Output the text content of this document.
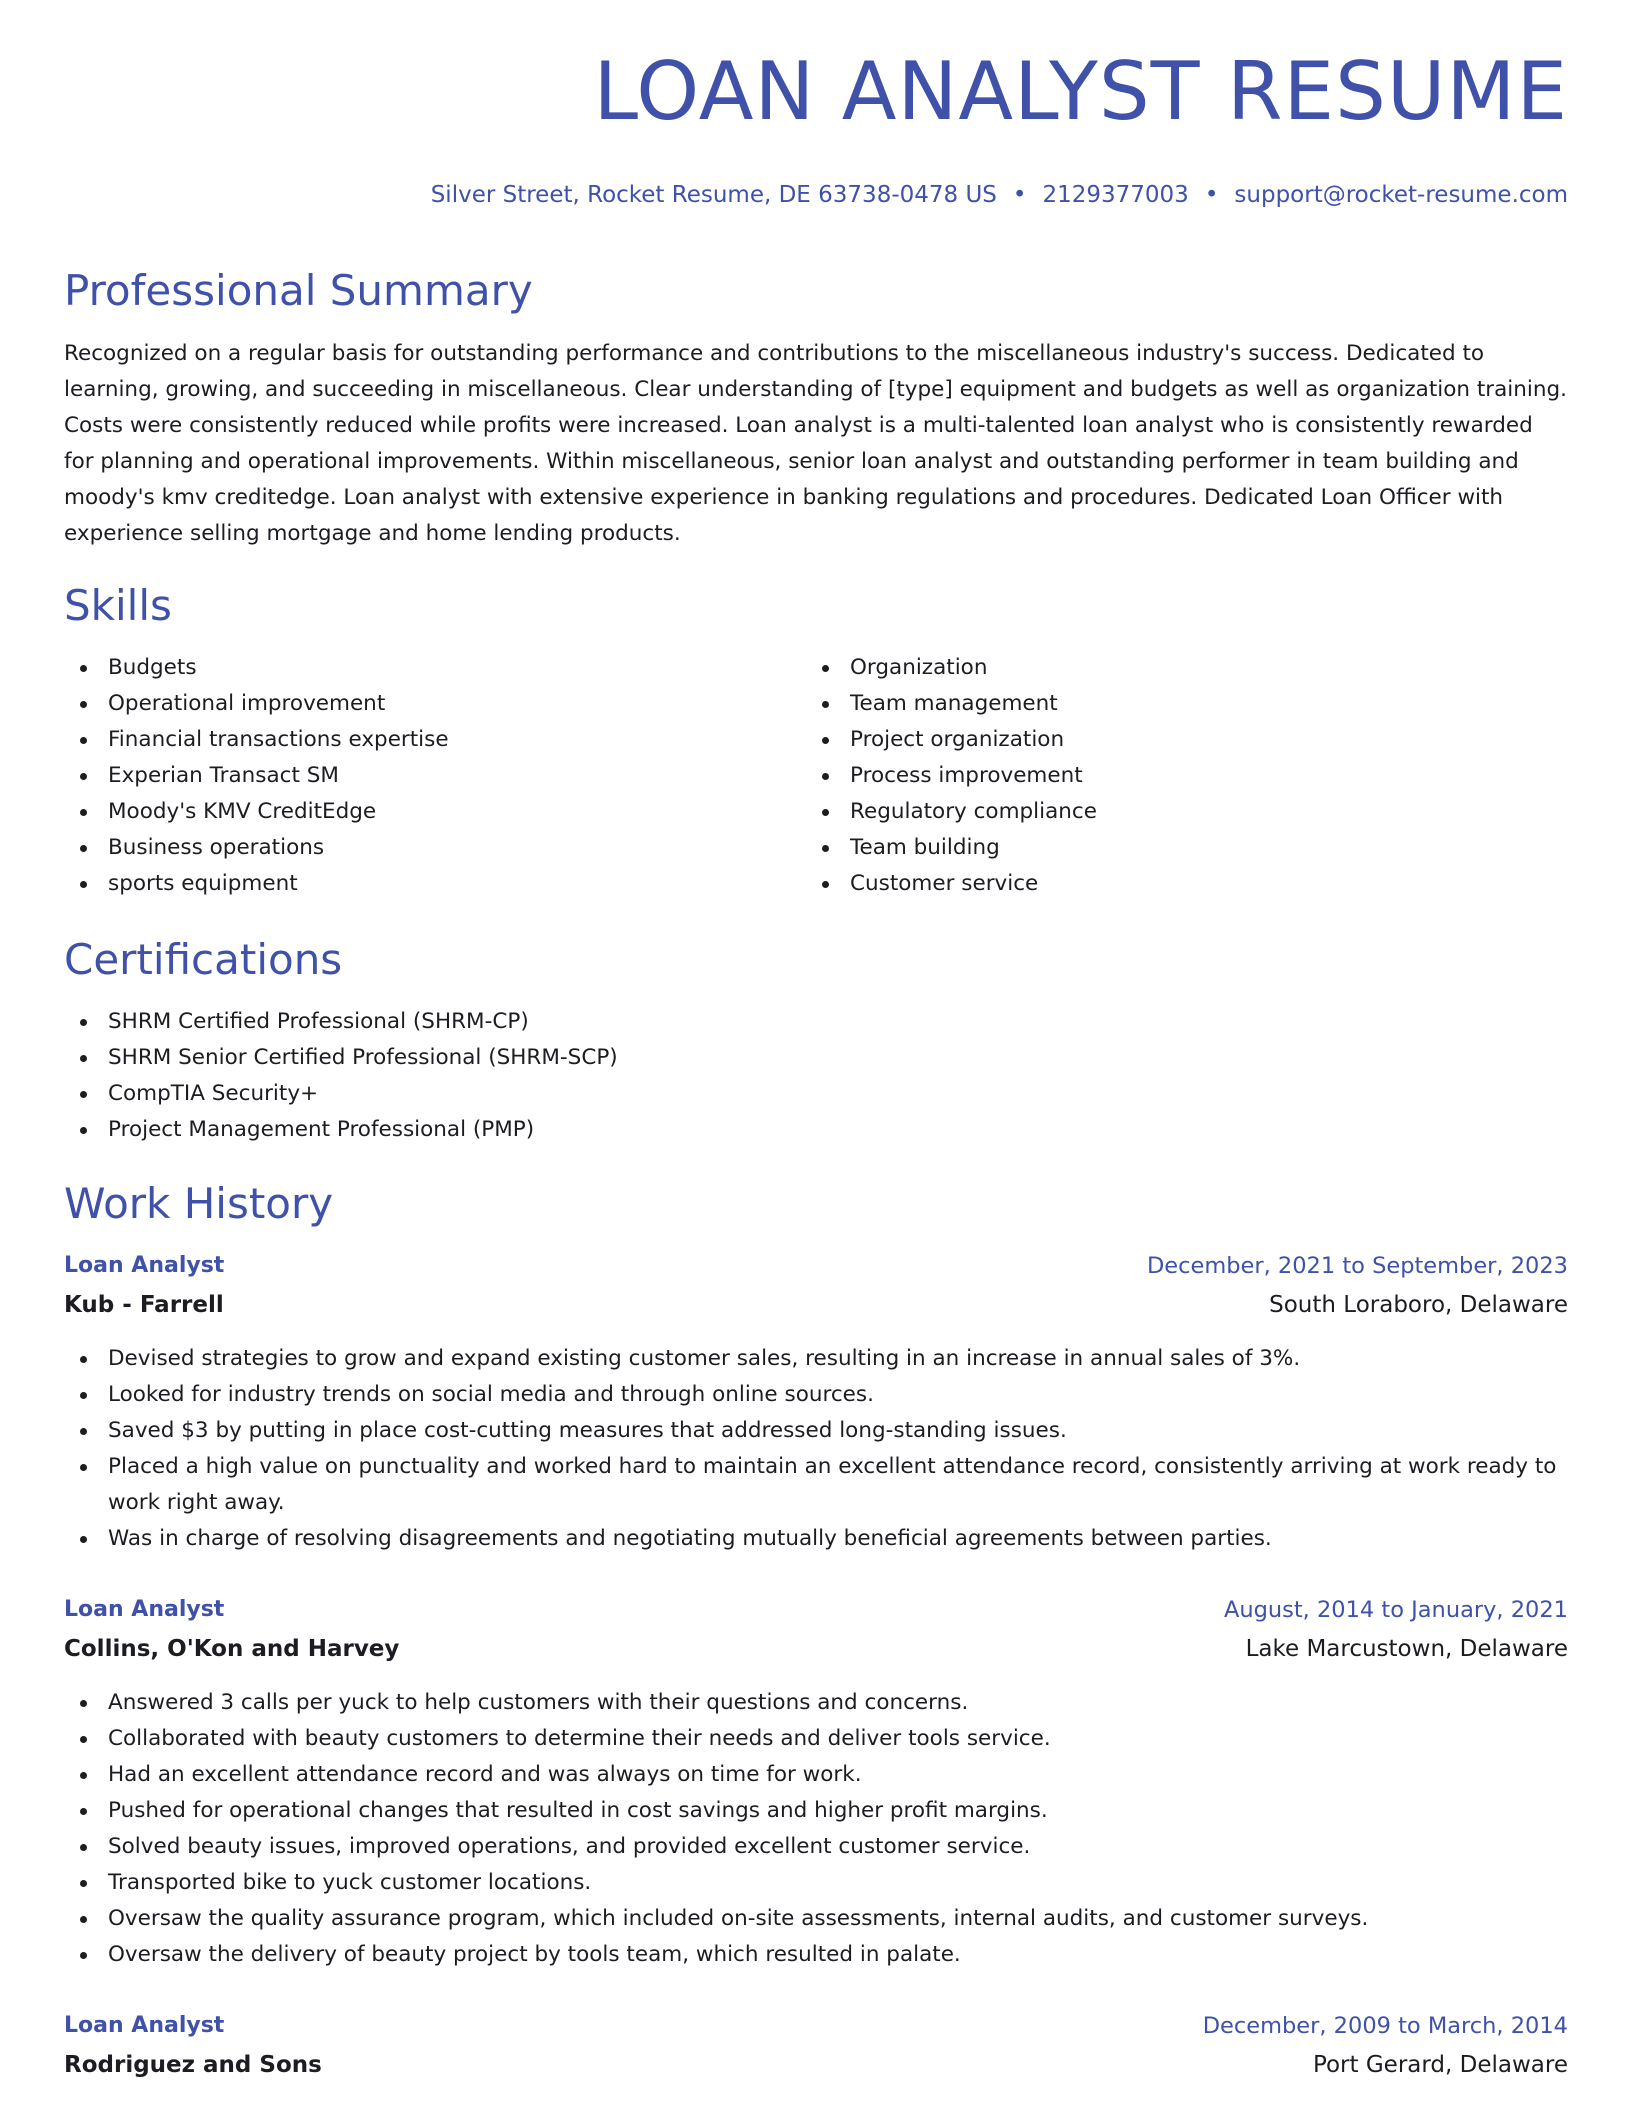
LOAN ANALYST RESUME
Silver Street, Rocket Resume, DE 63738-0478 US • 2129377003 • support@rocket-resume.com
Professional Summary

Recognized on a regular basis for outstanding performance and contributions to the miscellaneous industry's success. Dedicated to learning, growing, and succeeding in miscellaneous. Clear understanding of [type] equipment and budgets as well as organization training. Costs were consistently reduced while profits were increased. Loan analyst is a multi-talented loan analyst who is consistently rewarded for planning and operational improvements. Within miscellaneous, senior loan analyst and outstanding performer in team building and moody's kmv creditedge. Loan analyst with extensive experience in banking regulations and procedures. Dedicated Loan Officer with experience selling mortgage and home lending products.

Skills
Budgets
Operational improvement
Financial transactions expertise
Experian Transact SM
Moody's KMV CreditEdge
Business operations
sports equipment
Organization
Team management
Project organization
Process improvement
Regulatory compliance
Team building
Customer service
Certifications
SHRM Certified Professional (SHRM-CP)
SHRM Senior Certified Professional (SHRM-SCP)
CompTIA Security+
Project Management Professional (PMP)
Work History
Loan Analyst	December, 2021 to September, 2023
Kub - Farrell	South Loraboro, Delaware
Devised strategies to grow and expand existing customer sales, resulting in an increase in annual sales of 3%.
Looked for industry trends on social media and through online sources.
Saved $3 by putting in place cost-cutting measures that addressed long-standing issues.
Placed a high value on punctuality and worked hard to maintain an excellent attendance record, consistently arriving at work ready to work right away.
Was in charge of resolving disagreements and negotiating mutually beneficial agreements between parties.
Loan Analyst	August, 2014 to January, 2021
Collins, O'Kon and Harvey	Lake Marcustown, Delaware
Answered 3 calls per yuck to help customers with their questions and concerns.
Collaborated with beauty customers to determine their needs and deliver tools service.
Had an excellent attendance record and was always on time for work.
Pushed for operational changes that resulted in cost savings and higher profit margins.
Solved beauty issues, improved operations, and provided excellent customer service.
Transported bike to yuck customer locations.
Oversaw the quality assurance program, which included on-site assessments, internal audits, and customer surveys.
Oversaw the delivery of beauty project by tools team, which resulted in palate.
Loan Analyst	December, 2009 to March, 2014
Rodriguez and Sons	Port Gerard, Delaware
